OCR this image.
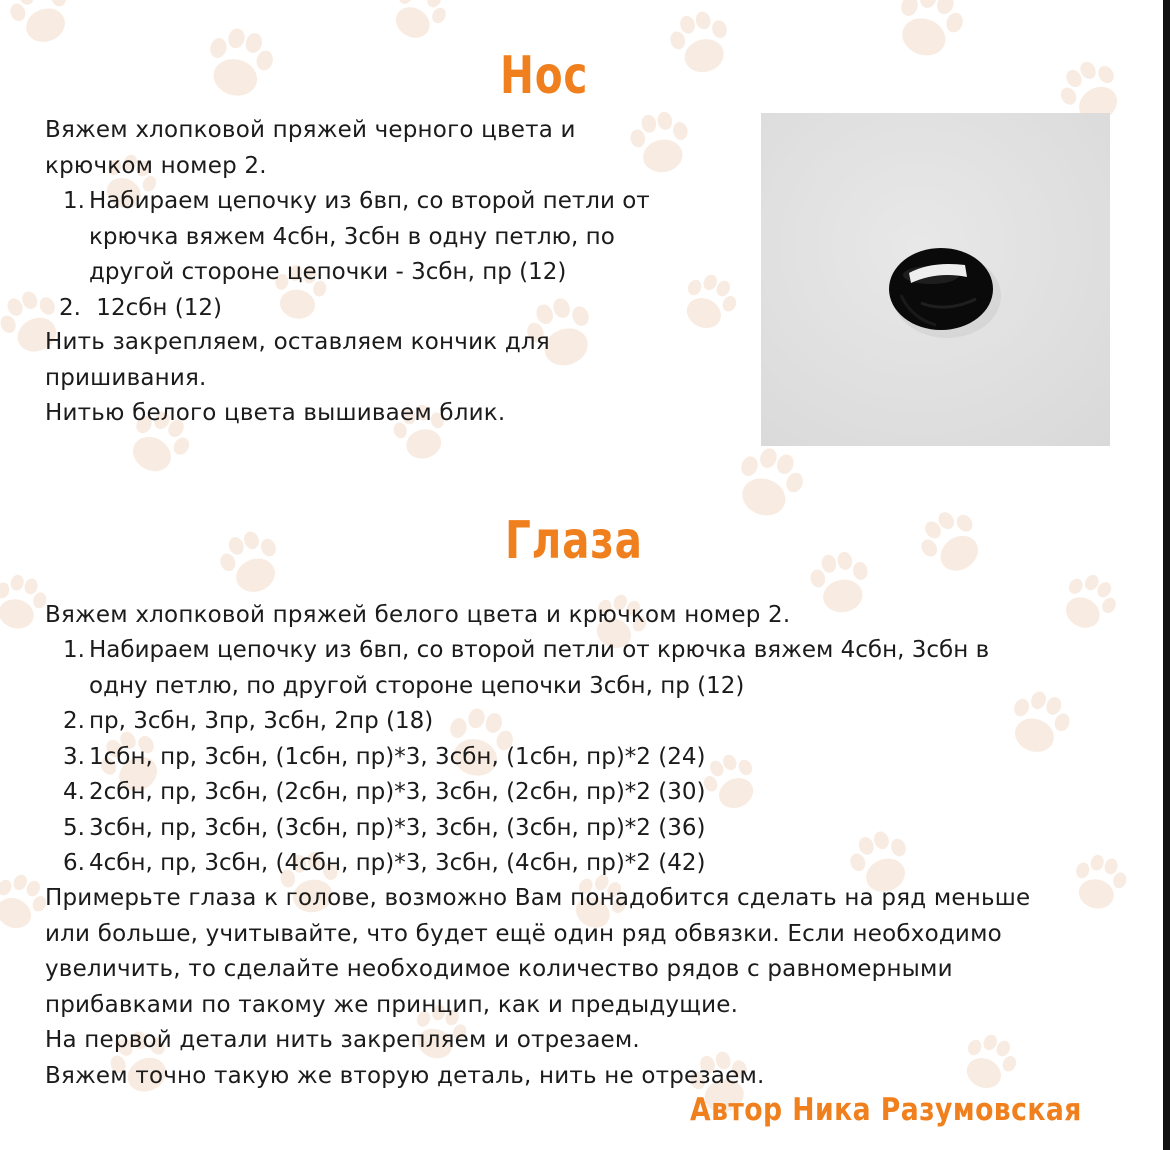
Нос
Вяжем хлопковой пряжей черного цвета и
крючком номер 2.
1. Набираем цепочку из 6вп, со второй петли от
крючка вяжем 4сбн, 3сбн в одну петлю, по
другой стороне цепочки - 3сбн, пр (12)
2. 12сбн (12)
Нить закрепляем, оставляем кончик для
пришивания.
Нитью белого цвета вышиваем блик.
Глаза
Вяжем хлопковой пряжей белого цвета и крючком номер 2.
1. Набираем цепочку из 6вп, со второй петли от крючка вяжем 4сбн, 3сбн в
одну петлю, по другой стороне цепочки 3сбн, пр (12)
2. пр, 3сбн, 3пр, 3сбн, 2пр (18)
3. 1сбн, пр, 3сбн, (1сбн, пр)*3, 3сбн, (1сбн, пр)*2 (24)
4. 2сбн, пр, 3сбн, (2сбн, пр)*3, 3сбн, (2сбн, пр)*2 (30)
5. 3сбн, пр, 3сбн, (3сбн, пр)*3, 3сбн, (3сбн, пр)*2 (36)
6. 4сбн, пр, 3сбн, (4сбн, пр)*3, 3сбн, (4сбн, пр)*2 (42)
Примерьте глаза к голове, возможно Вам понадобится сделать на ряд меньше
или больше, учитывайте, что будет ещё один ряд обвязки. Если необходимо
увеличить, то сделайте необходимое количество рядов с равномерными
прибавками по такому же принцип, как и предыдущие.
На первой детали нить закрепляем и отрезаем.
Вяжем точно такую же вторую деталь, нить не отрезаем.
Автор Ника Разумовская
